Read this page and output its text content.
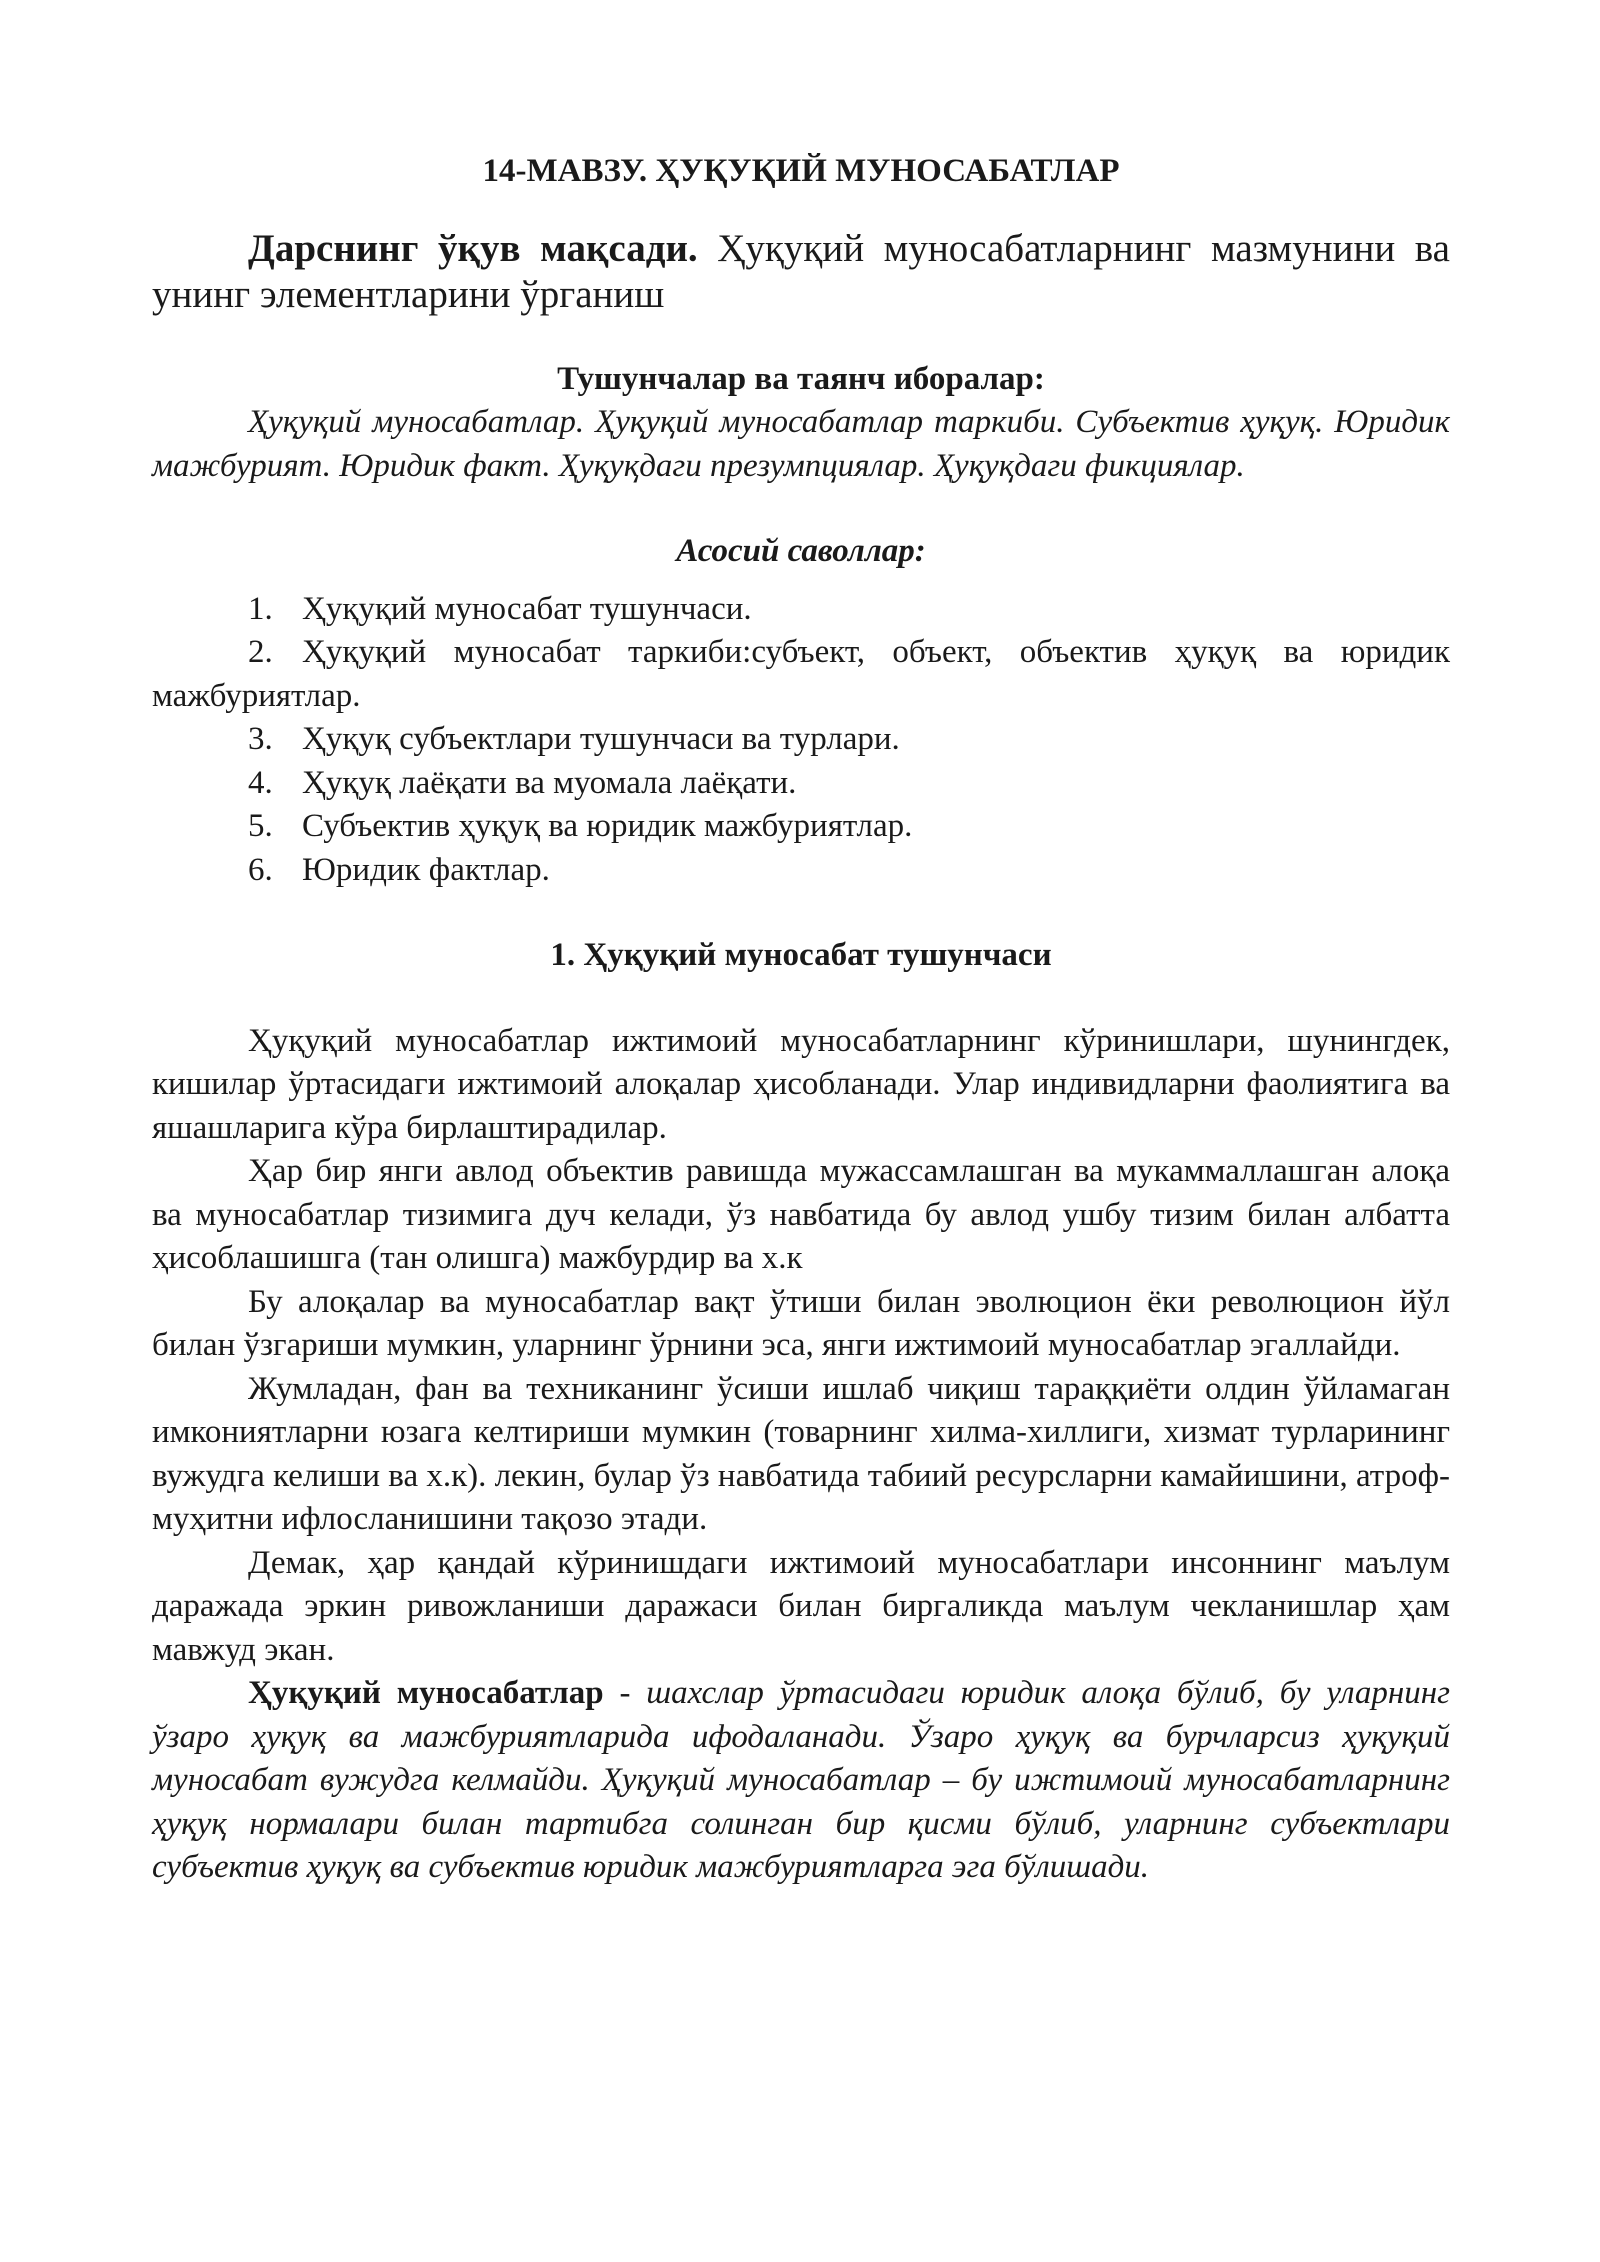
14-МАВЗУ. ҲУҚУҚИЙ МУНОСАБАТЛАР

Дарснинг ўқув мақсади. Ҳуқуқий муносабатларнинг мазмунини ва унинг элементларини ўрганиш

Тушунчалар ва таянч иборалар:

Ҳуқуқий муносабатлар. Ҳуқуқий муносабатлар таркиби. Субъектив ҳуқуқ. Юридик мажбурият. Юридик факт. Ҳуқуқдаги презумпциялар. Ҳуқуқдаги фикциялар.

Асосий саволлар:

1. Ҳуқуқий муносабат тушунчаси.

2. Ҳуқуқий муносабат таркиби:субъект, объект, объектив ҳуқуқ ва юридик мажбуриятлар.

3. Ҳуқуқ субъектлари тушунчаси ва турлари.

4. Ҳуқуқ лаёқати ва муомала лаёқати.

5. Субъектив ҳуқуқ ва юридик мажбуриятлар.

6. Юридик фактлар.

1. Ҳуқуқий муносабат тушунчаси

Ҳуқуқий муносабатлар ижтимоий муносабатларнинг кўринишлари, шунингдек, кишилар ўртасидаги ижтимоий алоқалар ҳисобланади. Улар индивидларни фаолиятига ва яшашларига кўра бирлаштирадилар.

Ҳар бир янги авлод объектив равишда мужассамлашган ва мукаммаллашган алоқа ва муносабатлар тизимига дуч келади, ўз навбатида бу авлод ушбу тизим билан албатта ҳисоблашишга (тан олишга) мажбурдир ва х.к

Бу алоқалар ва муносабатлар вақт ўтиши билан эволюцион ёки революцион йўл билан ўзгариши мумкин, уларнинг ўрнини эса, янги ижтимоий муносабатлар эгаллайди.

Жумладан, фан ва техниканинг ўсиши ишлаб чиқиш тараққиёти олдин ўйламаган имкониятларни юзага келтириши мумкин (товарнинг хилма-хиллиги, хизмат турларининг вужудга келиши ва х.к). лекин, булар ўз навбатида табиий ресурсларни камайишини, атроф-муҳитни ифлосланишини тақозо этади.

Демак, ҳар қандай кўринишдаги ижтимоий муносабатлари инсоннинг маълум даражада эркин ривожланиши даражаси билан биргаликда маълум чекланишлар ҳам мавжуд экан.

Ҳуқуқий муносабатлар - шахслар ўртасидаги юридик алоқа бўлиб, бу уларнинг ўзаро ҳуқуқ ва мажбуриятларида ифодаланади. Ўзаро ҳуқуқ ва бурчларсиз ҳуқуқий муносабат вужудга келмайди. Ҳуқуқий муносабатлар – бу ижтимоий муносабатларнинг ҳуқуқ нормалари билан тартибга солинган бир қисми бўлиб, уларнинг субъектлари субъектив ҳуқуқ ва субъектив юридик мажбуриятларга эга бўлишади.
